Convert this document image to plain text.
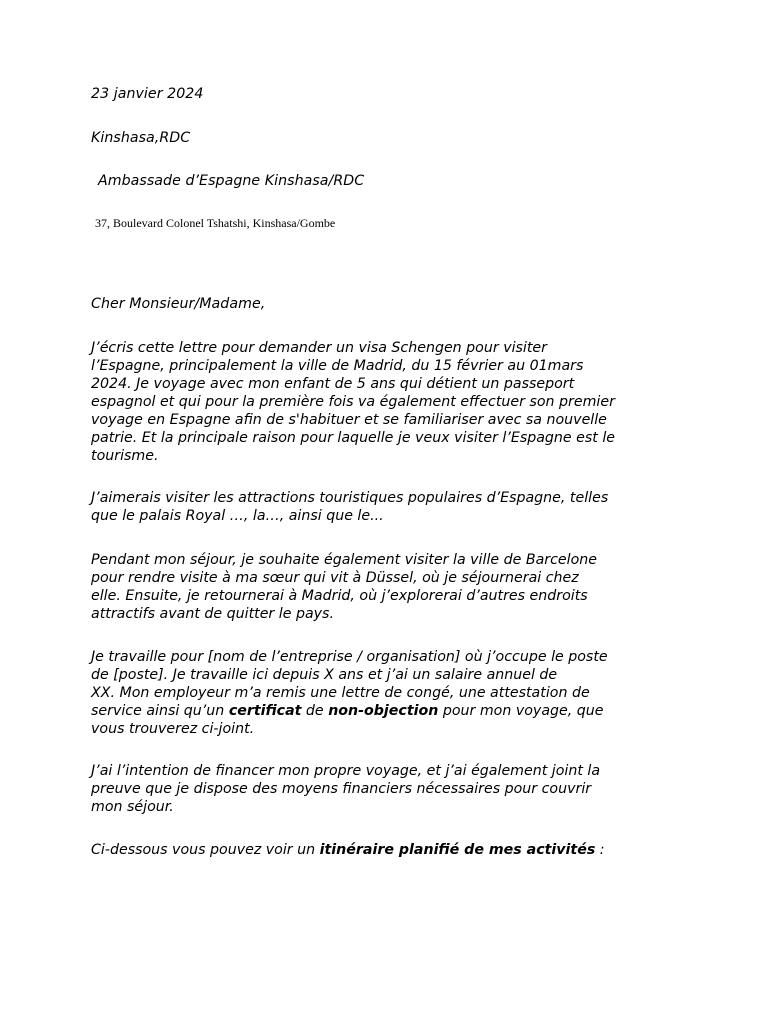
23 janvier 2024

Kinshasa,RDC

Ambassade d’Espagne Kinshasa/RDC

37, Boulevard Colonel Tshatshi, Kinshasa/Gombe

Cher Monsieur/Madame,

J’écris cette lettre pour demander un visa Schengen pour visiter
l’Espagne, principalement la ville de Madrid, du 15 février au 01mars
2024. Je voyage avec mon enfant de 5 ans qui détient un passeport
espagnol et qui pour la première fois va également effectuer son premier
voyage en Espagne afin de s'habituer et se familiariser avec sa nouvelle
patrie. Et la principale raison pour laquelle je veux visiter l’Espagne est le
tourisme.
J’aimerais visiter les attractions touristiques populaires d’Espagne, telles
que le palais Royal …, la…, ainsi que le...
Pendant mon séjour, je souhaite également visiter la ville de Barcelone
pour rendre visite à ma sœur qui vit à Düssel, où je séjournerai chez
elle. Ensuite, je retournerai à Madrid, où j’explorerai d’autres endroits
attractifs avant de quitter le pays.
Je travaille pour [nom de l’entreprise / organisation] où j’occupe le poste
de [poste]. Je travaille ici depuis X ans et j’ai un salaire annuel de
XX. Mon employeur m’a remis une lettre de congé, une attestation de
service ainsi qu’un certificat de non-objection pour mon voyage, que
vous trouverez ci-joint.
J’ai l’intention de financer mon propre voyage, et j’ai également joint la
preuve que je dispose des moyens financiers nécessaires pour couvrir
mon séjour.
Ci-dessous vous pouvez voir un itinéraire planifié de mes activités :
